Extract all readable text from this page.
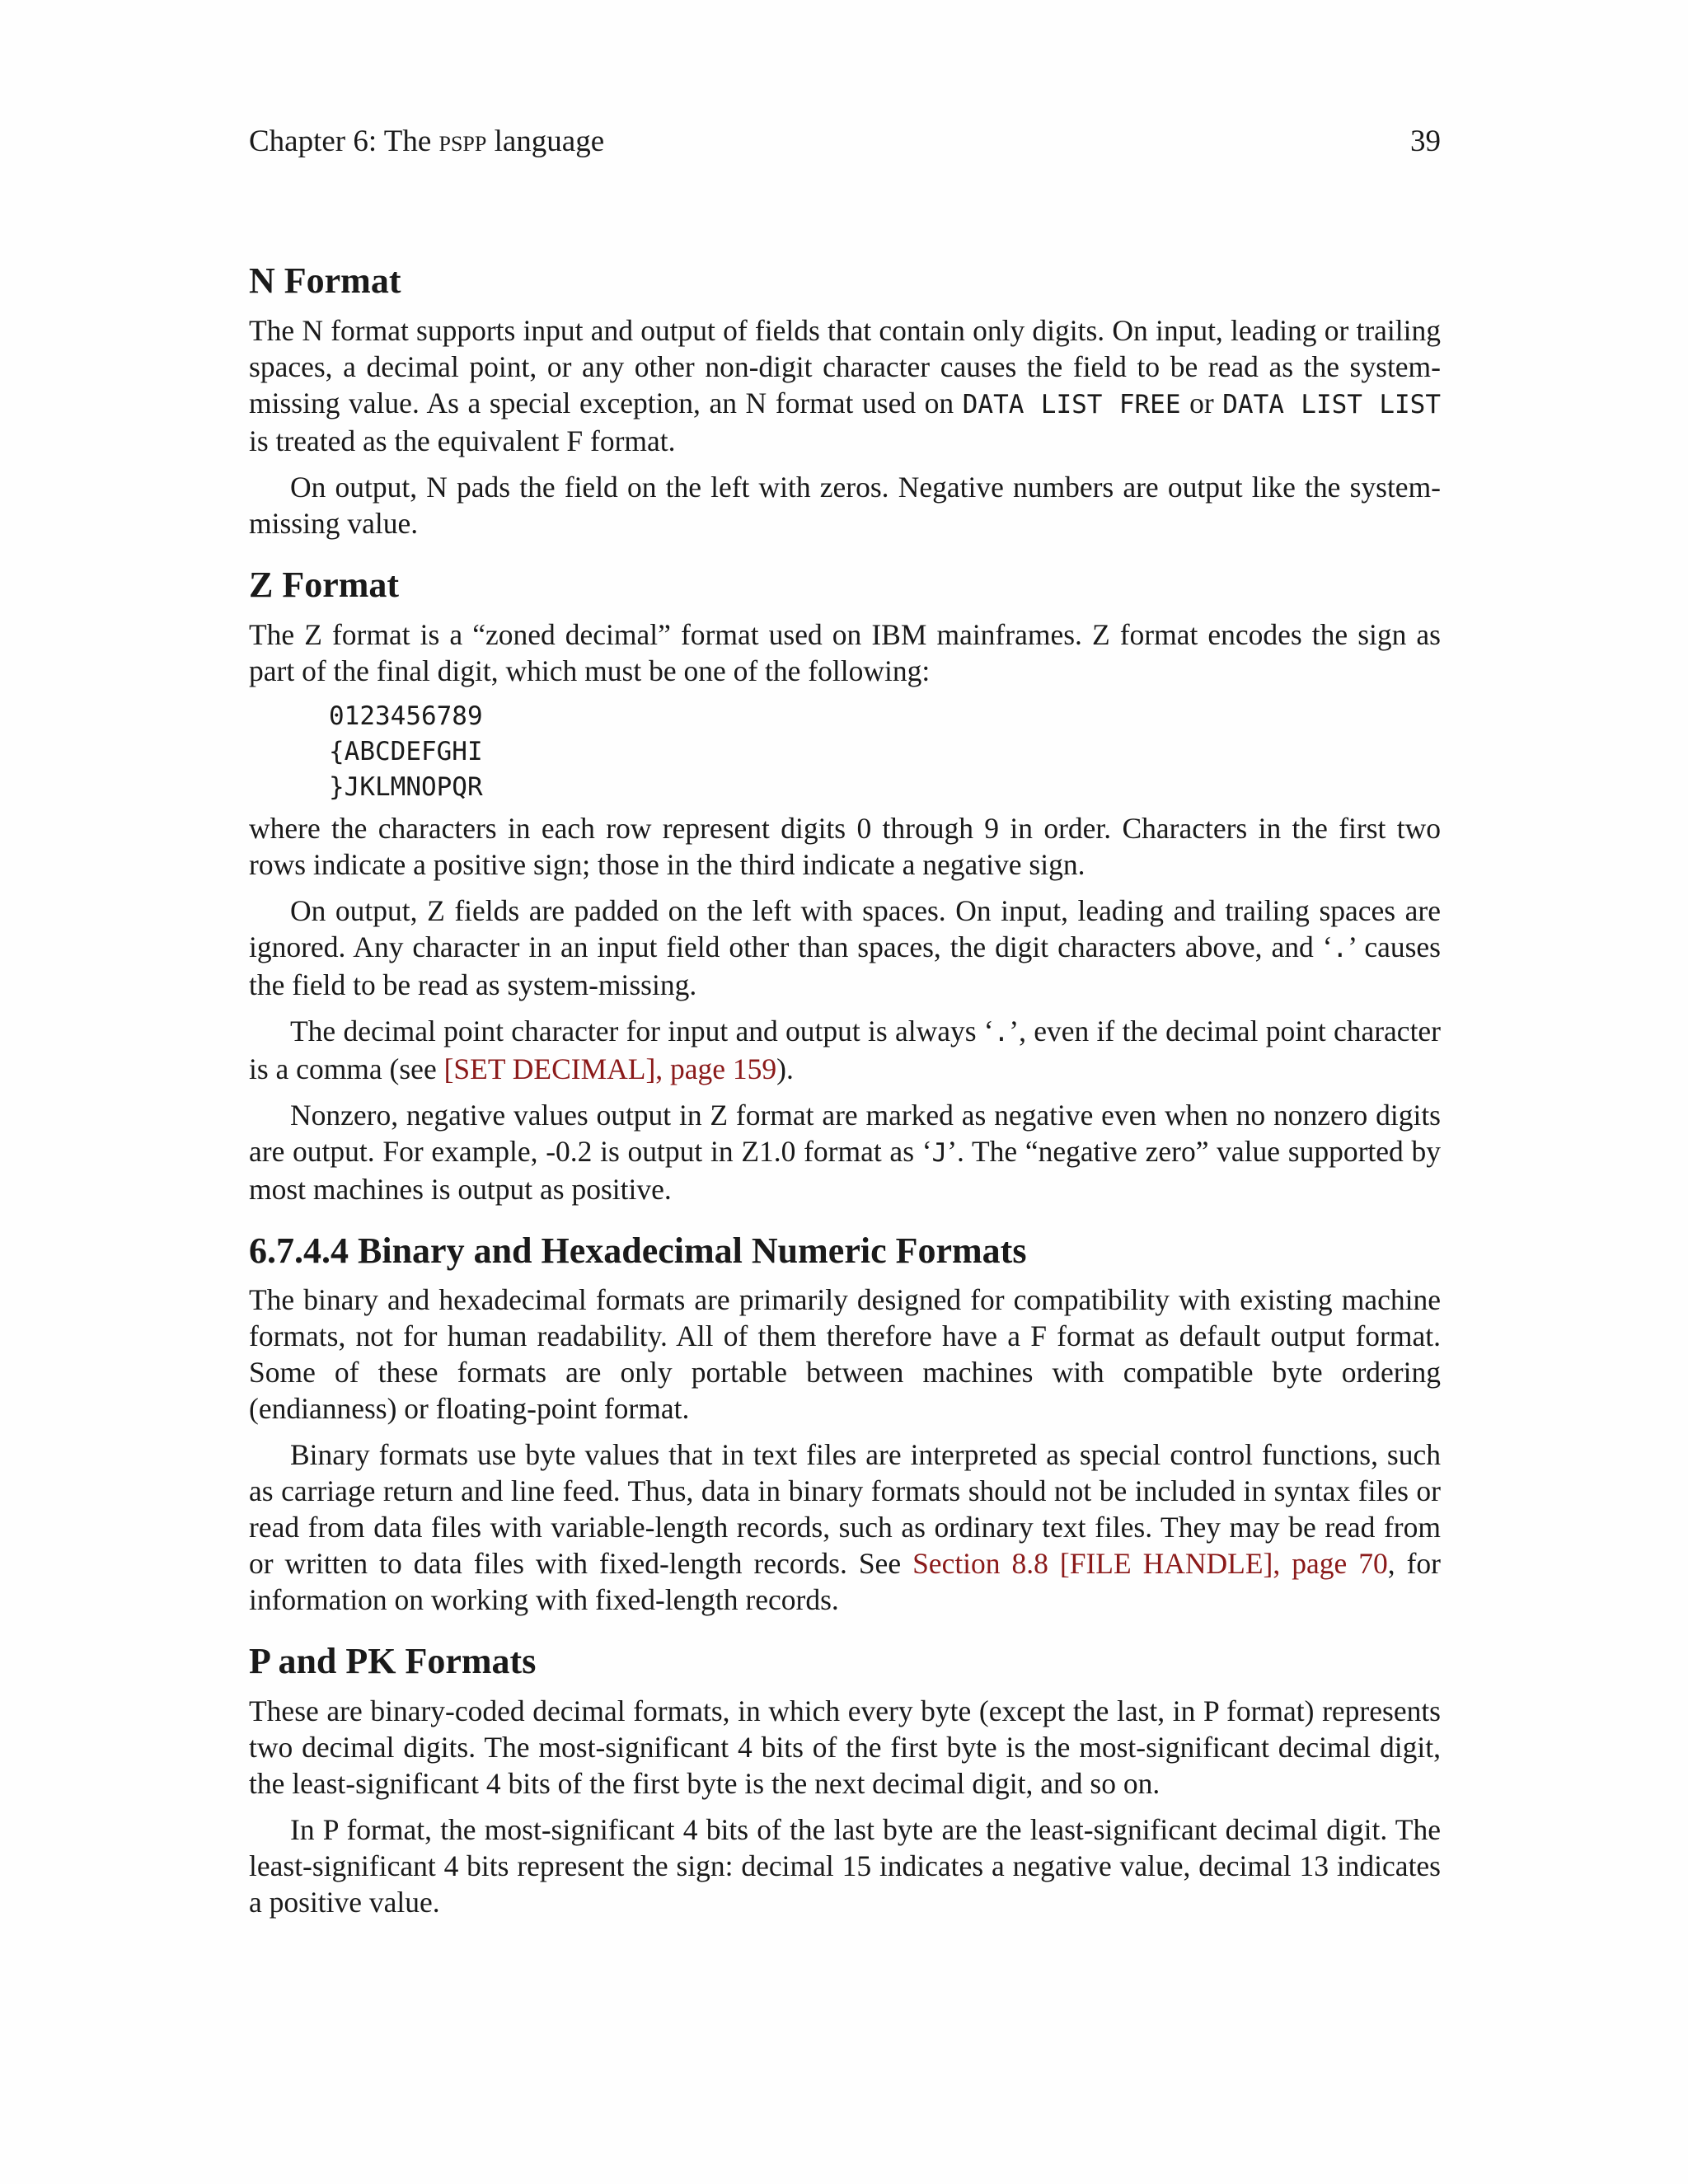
Chapter 6: The pspp language	39
N Format

The N format supports input and output of fields that contain only digits. On input, leading or trailing spaces, a decimal point, or any other non-digit character causes the field to be read as the system-missing value. As a special exception, an N format used on DATA LIST FREE or DATA LIST LIST is treated as the equivalent F format.

On output, N pads the field on the left with zeros. Negative numbers are output like the system-missing value.

Z Format

The Z format is a “zoned decimal” format used on IBM mainframes. Z format encodes the sign as part of the final digit, which must be one of the following:

0123456789
{ABCDEFGHI
}JKLMNOPQR

where the characters in each row represent digits 0 through 9 in order. Characters in the first two rows indicate a positive sign; those in the third indicate a negative sign.

On output, Z fields are padded on the left with spaces. On input, leading and trailing spaces are ignored. Any character in an input field other than spaces, the digit characters above, and ‘.’ causes the field to be read as system-missing.

The decimal point character for input and output is always ‘.’, even if the decimal point character is a comma (see [SET DECIMAL], page 159).

Nonzero, negative values output in Z format are marked as negative even when no nonzero digits are output. For example, -0.2 is output in Z1.0 format as ‘J’. The “negative zero” value supported by most machines is output as positive.

6.7.4.4 Binary and Hexadecimal Numeric Formats

The binary and hexadecimal formats are primarily designed for compatibility with existing machine formats, not for human readability. All of them therefore have a F format as default output format. Some of these formats are only portable between machines with compatible byte ordering (endianness) or floating-point format.

Binary formats use byte values that in text files are interpreted as special control functions, such as carriage return and line feed. Thus, data in binary formats should not be included in syntax files or read from data files with variable-length records, such as ordinary text files. They may be read from or written to data files with fixed-length records. See Section 8.8 [FILE HANDLE], page 70, for information on working with fixed-length records.

P and PK Formats

These are binary-coded decimal formats, in which every byte (except the last, in P format) represents two decimal digits. The most-significant 4 bits of the first byte is the most-significant decimal digit, the least-significant 4 bits of the first byte is the next decimal digit, and so on.

In P format, the most-significant 4 bits of the last byte are the least-significant decimal digit. The least-significant 4 bits represent the sign: decimal 15 indicates a negative value, decimal 13 indicates a positive value.
